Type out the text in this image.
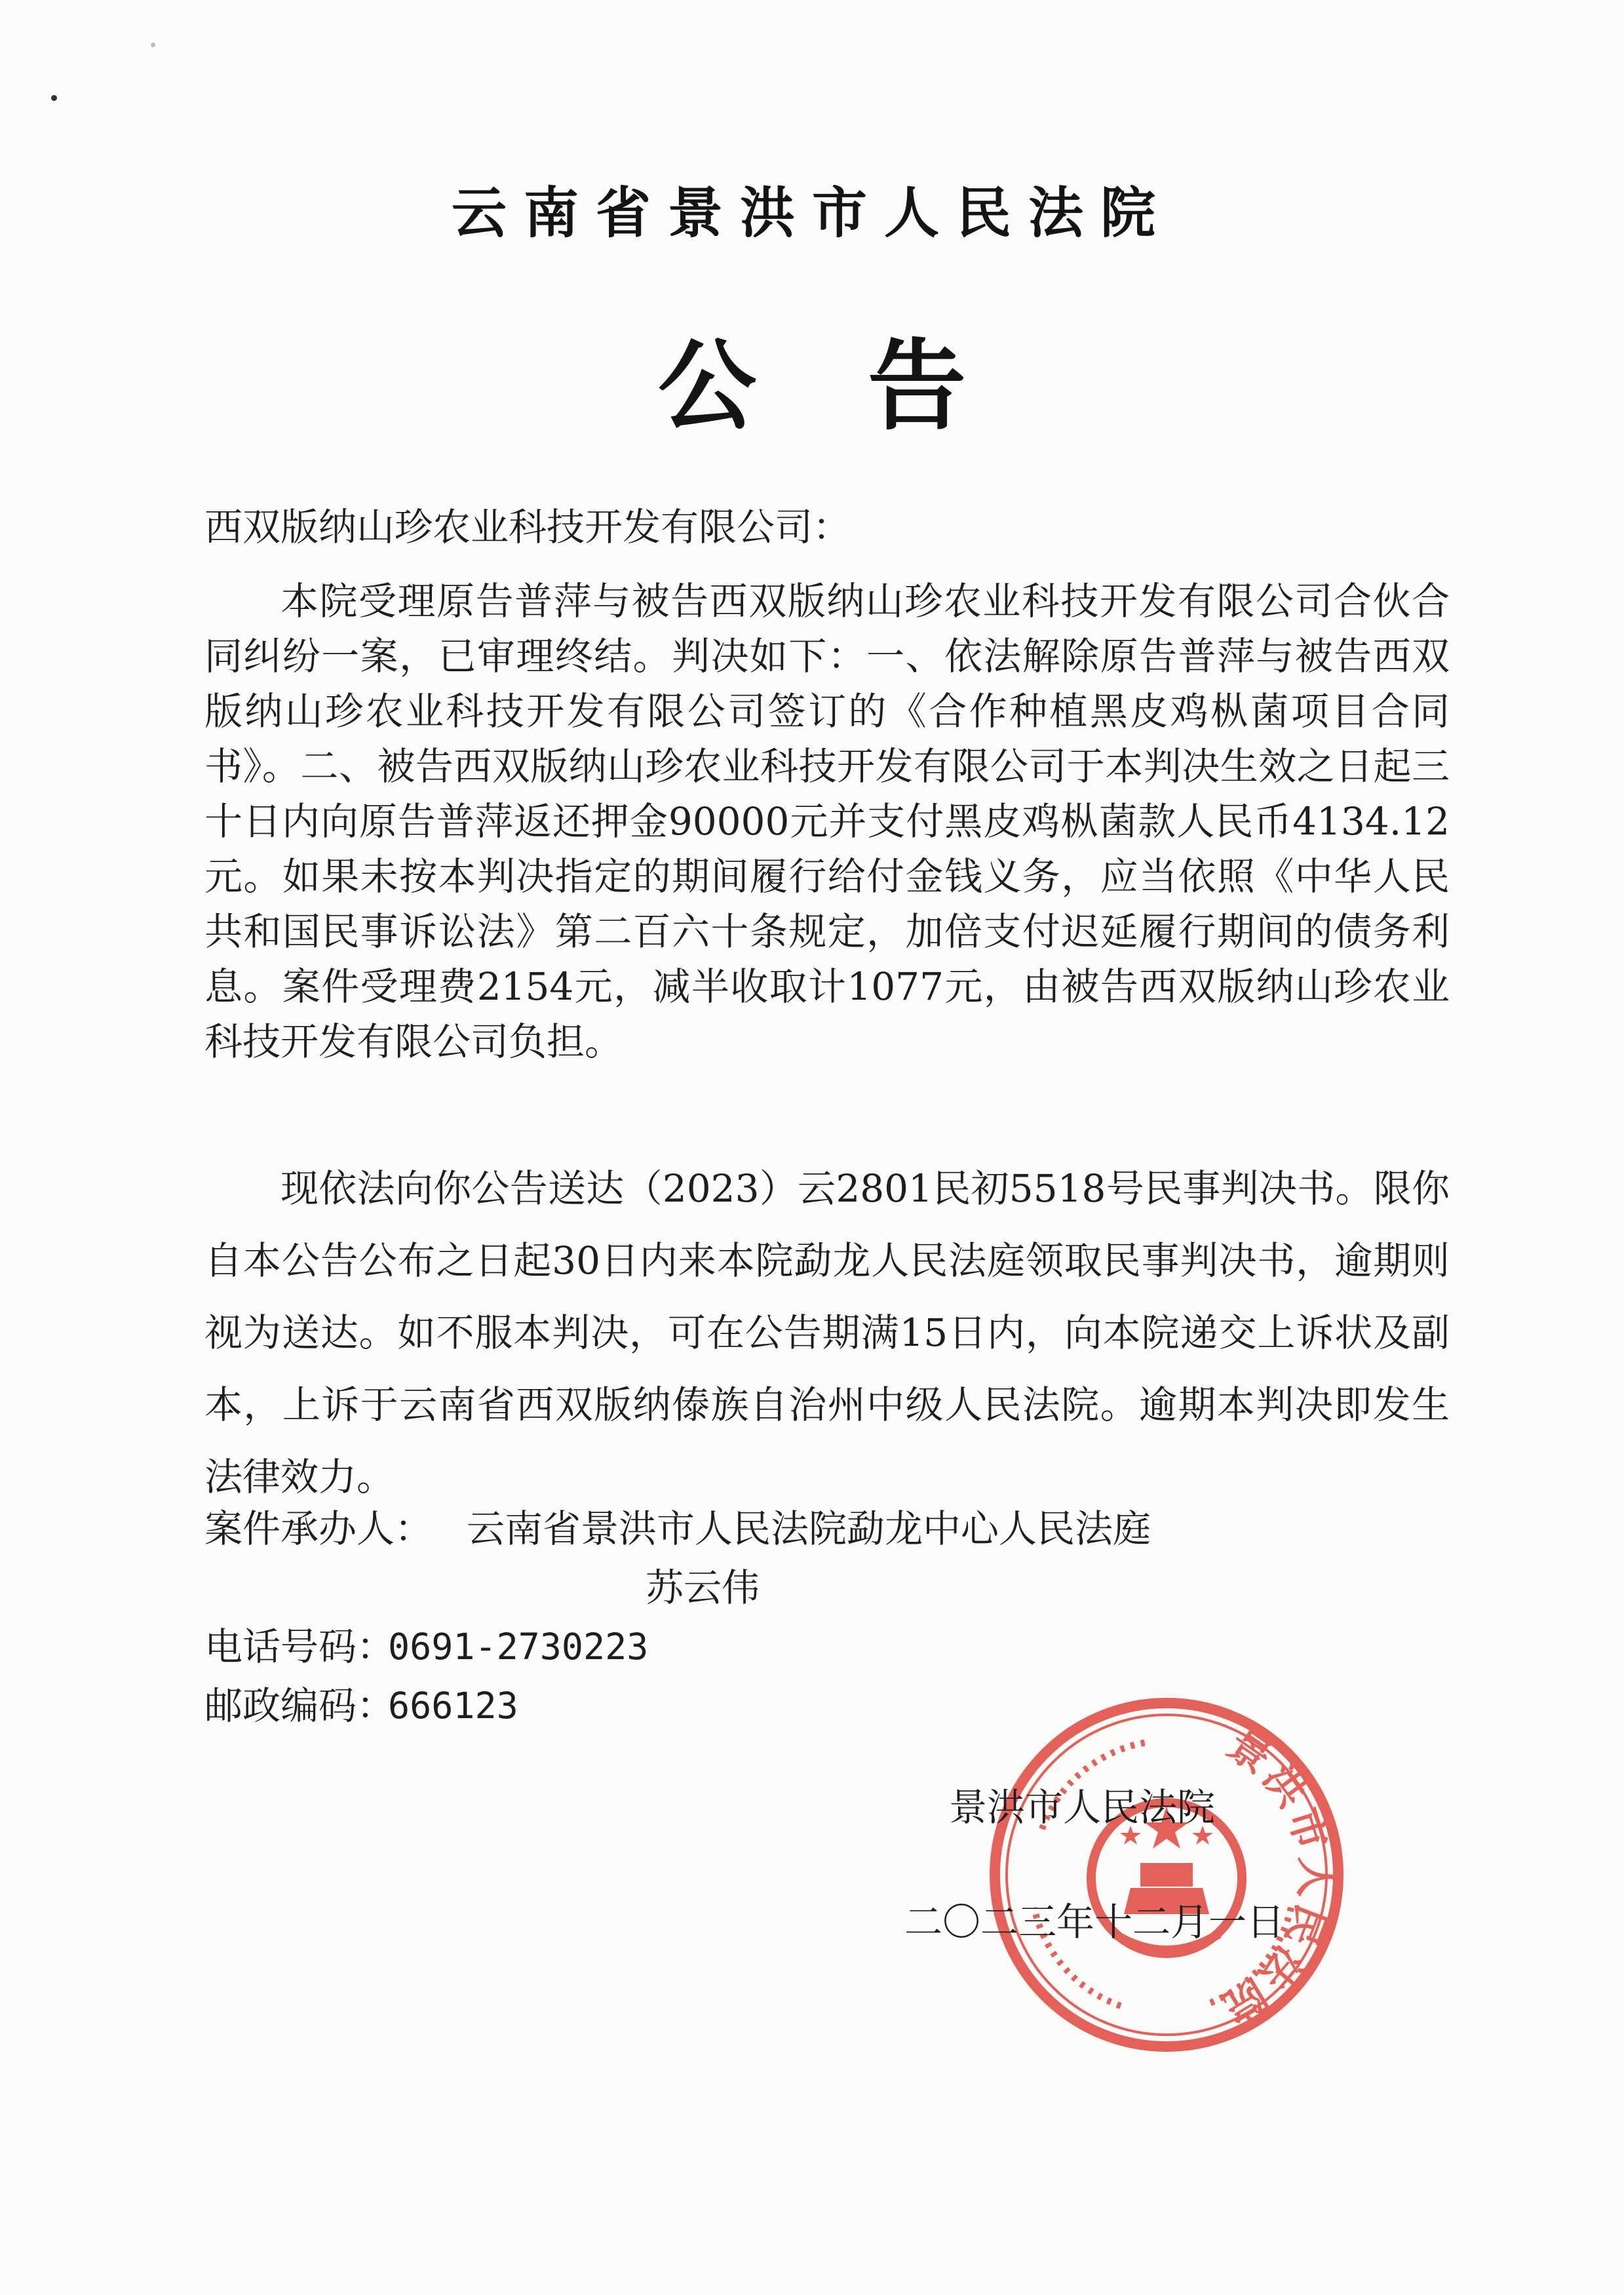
云南省景洪市人民法院
公告
西双版纳山珍农业科技开发有限公司：
本院受理原告普萍与被告西双版纳山珍农业科技开发有限公司合伙合同纠纷一案，已审理终结。判决如下：一、依法解除原告普萍与被告西双版纳山珍农业科技开发有限公司签订的《合作种植黑皮鸡枞菌项目合同书》。二、被告西双版纳山珍农业科技开发有限公司于本判决生效之日起三十日内向原告普萍返还押金90000元并支付黑皮鸡枞菌款人民币4134.12元。如果未按本判决指定的期间履行给付金钱义务，应当依照《中华人民共和国民事诉讼法》第二百六十条规定，加倍支付迟延履行期间的债务利息。案件受理费2154元，减半收取计1077元，由被告西双版纳山珍农业科技开发有限公司负担。
现依法向你公告送达（2023）云2801民初5518号民事判决书。限你自本公告公布之日起30日内来本院勐龙人民法庭领取民事判决书，逾期则视为送达。如不服本判决，可在公告期满15日内，向本院递交上诉状及副本，上诉于云南省西双版纳傣族自治州中级人民法院。逾期本判决即发生法律效力。
案件承办人： 云南省景洪市人民法院勐龙中心人民法庭
苏云伟
电话号码：
0691-2730223
邮政编码：
666123
景洪市人民法院
景洪市人民法院
二〇二三年十二月一日
